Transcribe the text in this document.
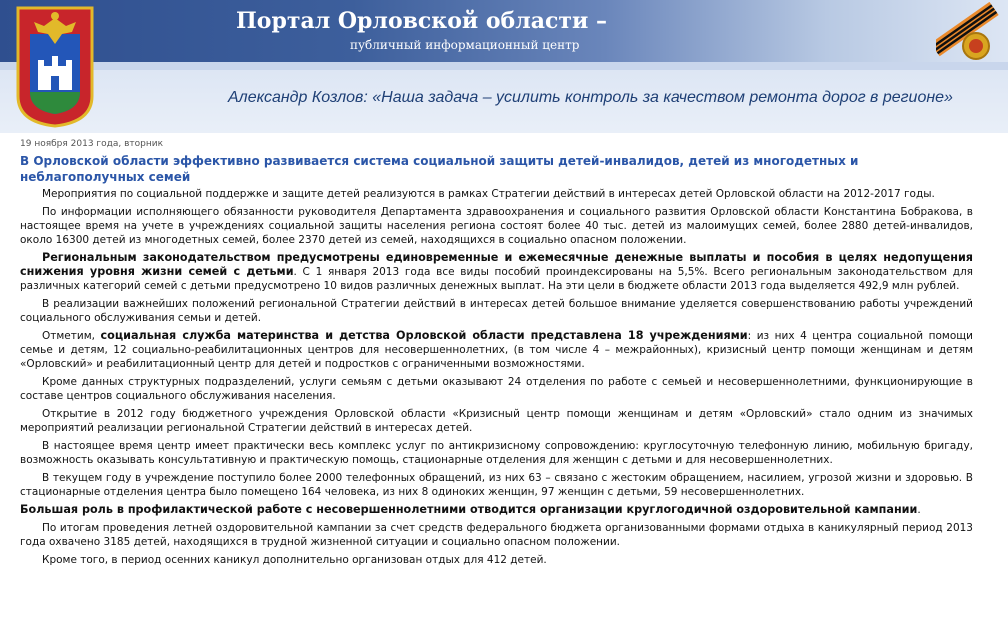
Портал Орловской области –
публичный информационный центр
Александр Козлов: «Наша задача – усилить контроль за качеством ремонта дорог в регионе»
19 ноября 2013 года, вторник
В Орловской области эффективно развивается система социальной защиты детей-инвалидов, детей из многодетных и неблагополучных семей

Мероприятия по социальной поддержке и защите детей реализуются в рамках Стратегии действий в интересах детей Орловской области на 2012-2017 годы.

По информации исполняющего обязанности руководителя Департамента здравоохранения и социального развития Орловской области Константина Бобракова, в настоящее время на учете в учреждениях социальной защиты населения региона состоят более 40 тыс. детей из малоимущих семей, более 2880 детей-инвалидов, около 16300 детей из многодетных семей, более 2370 детей из семей, находящихся в социально опасном положении.

Региональным законодательством предусмотрены единовременные и ежемесячные денежные выплаты и пособия в целях недопущения снижения уровня жизни семей с детьми. С 1 января 2013 года все виды пособий проиндексированы на 5,5%. Всего региональным законодательством для различных категорий семей с детьми предусмотрено 10 видов различных денежных выплат. На эти цели в бюджете области 2013 года выделяется 492,9 млн рублей.

В реализации важнейших положений региональной Стратегии действий в интересах детей большое внимание уделяется совершенствованию работы учреждений социального обслуживания семьи и детей.

Отметим, социальная служба материнства и детства Орловской области представлена 18 учреждениями: из них 4 центра социальной помощи семье и детям, 12 социально-реабилитационных центров для несовершеннолетних, (в том числе 4 – межрайонных), кризисный центр помощи женщинам и детям «Орловский» и реабилитационный центр для детей и подростков с ограниченными возможностями.

Кроме данных структурных подразделений, услуги семьям с детьми оказывают 24 отделения по работе с семьей и несовершеннолетними, функционирующие в составе центров социального обслуживания населения.

Открытие в 2012 году бюджетного учреждения Орловской области «Кризисный центр помощи женщинам и детям «Орловский» стало одним из значимых мероприятий реализации региональной Стратегии действий в интересах детей.

В настоящее время центр имеет практически весь комплекс услуг по антикризисному сопровождению: круглосуточную телефонную линию, мобильную бригаду, возможность оказывать консультативную и практическую помощь, стационарные отделения для женщин с детьми и для несовершеннолетних.

В текущем году в учреждение поступило более 2000 телефонных обращений, из них 63 – связано с жестоким обращением, насилием, угрозой жизни и здоровью. В стационарные отделения центра было помещено 164 человека, из них 8 одиноких женщин, 97 женщин с детьми, 59 несовершеннолетних.

Большая роль в профилактической работе с несовершеннолетними отводится организации круглогодичной оздоровительной кампании.

По итогам проведения летней оздоровительной кампании за счет средств федерального бюджета организованными формами отдыха в каникулярный период 2013 года охвачено 3185 детей, находящихся в трудной жизненной ситуации и социально опасном положении.

Кроме того, в период осенних каникул дополнительно организован отдых для 412 детей.
